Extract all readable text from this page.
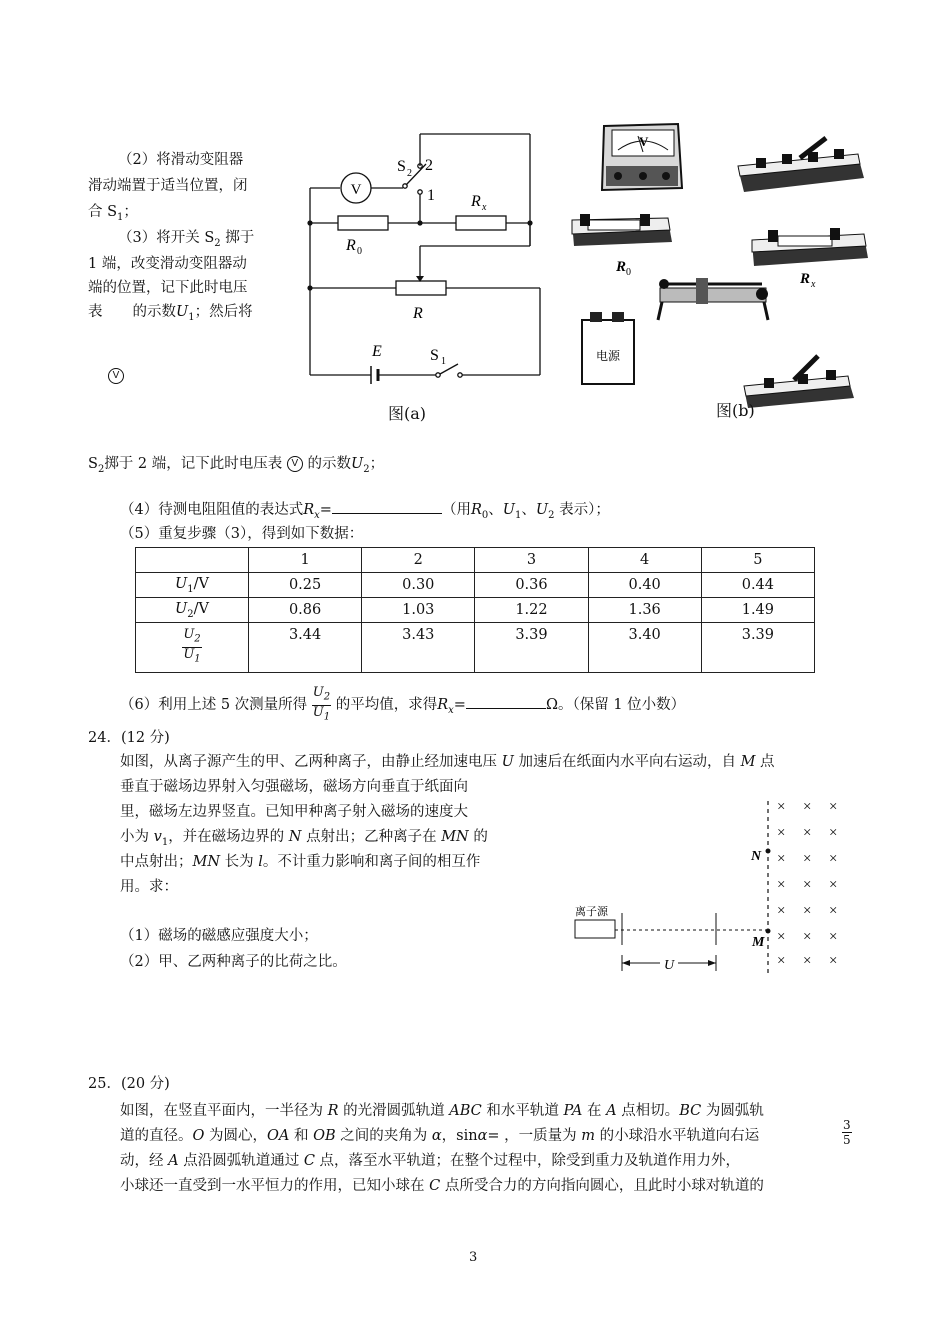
（2）将滑动变阻器
滑动端置于适当位置，闭
合 $S_1$；
（3）将开关 $S_2$ 掷于
1 端，改变滑动变阻器动
端的位置，记下此时电压
表 的示数$U_1$；然后将
V
V
S 2 2
1 R x
R 0
R
E	S 1
图(a)
V
R 0	R x
电源
图(b)
$S_2$掷于 2 端，记下此时电压表 V 的示数$U_2$；
（4）待测电阻阻值的表达式$R_x=$	（用$R_0$、$U_1$、$U_2$ 表示）；
（5）重复步骤（3），得到如下数据：
	1	2	3	4	5
$U_1/V$	0.25	0.30	0.36	0.40	0.44
$U_2/V$	0.86	1.03	1.22	1.36	1.49

$\frac{U_2}{U_1}$	3.44	3.43	3.39	3.40	3.39
（6）利用上述 5 次测量所得 $\frac{U_2}{U_1}$ 的平均值，求得$R_x=$	Ω。（保留 1 位小数）
24．(12 分)
如图，从离子源产生的甲、乙两种离子，由静止经加速电压 U 加速后在纸面内水平向右运动，自 M 点
垂直于磁场边界射入匀强磁场，磁场方向垂直于纸面向
里，磁场左边界竖直。已知甲种离子射入磁场的速度大
小为 $v_1$，并在磁场边界的 N 点射出；乙种离子在 MN 的
中点射出；MN 长为 l。不计重力影响和离子间的相互作
用。求：
（1）磁场的磁感应强度大小；
（2）甲、乙两种离子的比荷之比。
× × ×
× × ×
× × ×
× × ×
× × ×
× × ×
× × ×
N
M
离子源
U
25．(20 分)
如图，在竖直平面内，一半径为 R 的光滑圆弧轨道 ABC 和水平轨道 PA 在 A 点相切。BC 为圆弧轨
道的直径。O 为圆心，OA 和 OB 之间的夹角为 α，sinα= ，一质量为 m 的小球沿水平轨道向右运	$\frac{3}{5}$
动，经 A 点沿圆弧轨道通过 C 点，落至水平轨道；在整个过程中，除受到重力及轨道作用力外，
小球还一直受到一水平恒力的作用，已知小球在 C 点所受合力的方向指向圆心，且此时小球对轨道的
3
